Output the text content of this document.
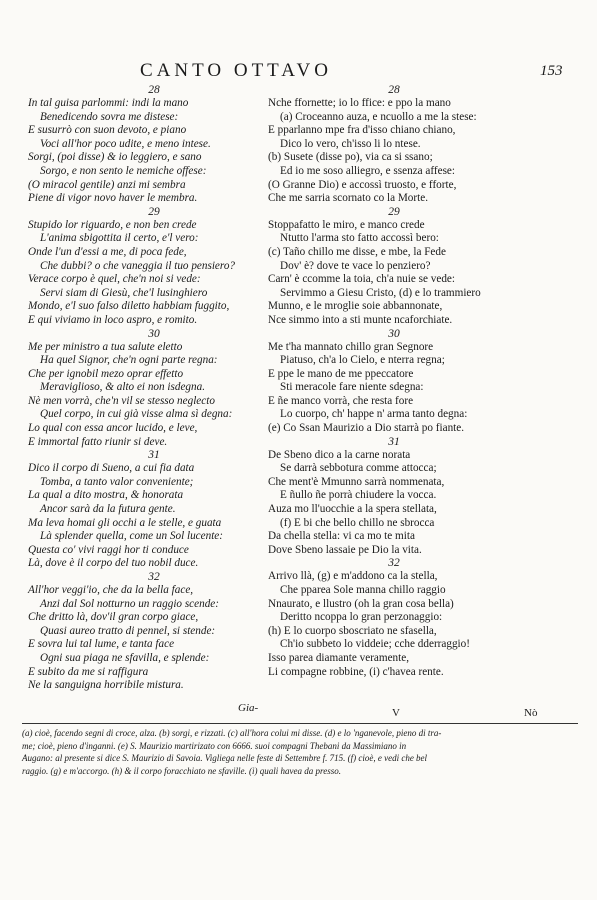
CANTO OTTAVO	153
28
In tal guisa parlommi: indi la mano
Benedicendo sovra me distese:
E susurrò con suon devoto, e piano
Voci all'hor poco udite, e meno intese.
Sorgi, (poi disse) & io leggiero, e sano
Sorgo, e non sento le nemiche offese:
(O miracol gentile) anzi mi sembra
Piene di vigor novo haver le membra.
29
Stupido lor riguardo, e non ben crede
L'anima sbigottita il certo, e'l vero:
Onde l'un d'essi a me, di poca fede,
Che dubbi? o che vaneggia il tuo pensiero?
Verace corpo è quel, che'n noi si vede:
Servi siam di Giesù, che'l lusinghiero
Mondo, e'l suo falso diletto habbiam fuggito,
E qui viviamo in loco aspro, e romito.
30
Me per ministro a tua salute eletto
Ha quel Signor, che'n ogni parte regna:
Che per ignobil mezo oprar effetto
Meraviglioso, & alto ei non isdegna.
Nè men vorrà, che'n vil se stesso neglecto
Quel corpo, in cui già visse alma sì degna:
Lo qual con essa ancor lucido, e leve,
E immortal fatto riunir si deve.
31
Dico il corpo di Sueno, a cui fia data
Tomba, a tanto valor conveniente;
La qual a dito mostra, & honorata
Ancor sarà da la futura gente.
Ma leva homai gli occhi a le stelle, e guata
Là splender quella, come un Sol lucente:
Questa co' vivi raggi hor ti conduce
Là, dove è il corpo del tuo nobil duce.
32
All'hor veggi'io, che da la bella face,
Anzi dal Sol notturno un raggio scende:
Che dritto là, dov'il gran corpo giace,
Quasi aureo tratto di pennel, si stende:
E sovra lui tal lume, e tanta face
Ogni sua piaga ne sfavilla, e splende:
E subito da me si raffigura
Ne la sanguigna horribile mistura.
28
Nche ffornette; io lo ffice: e ppo la mano
(a) Croceanno auza, e ncuollo a me la stese:
E pparlanno mpe fra d'isso chiano chiano,
Dico lo vero, ch'isso li lo ntese.
(b) Susete (disse po), via ca si ssano;
Ed io me soso alliegro, e ssenza affese:
(O Granne Dio) e accossì truosto, e fforte,
Che me sarria scornato co la Morte.
29
Stoppafatto le miro, e manco crede
Ntutto l'arma sto fatto accossì bero:
(c) Taño chillo me disse, e mbe, la Fede
Dov' è? dove te vace lo penziero?
Carn' è ccomme la toia, ch'a nuie se vede:
Servimmo a Giesu Cristo, (d) e lo trammiero
Munno, e le mroglie soie abbannonate,
Nce simmo into a sti munte ncaforchiate.
30
Me t'ha mannato chillo gran Segnore
Piatuso, ch'a lo Cielo, e nterra regna;
E ppe le mano de me ppeccatore
Sti meracole fare niente sdegna:
E ñe manco vorrà, che resta fore
Lo cuorpo, ch' happe n' arma tanto degna:
(e) Co Ssan Maurizio a Dio starrà po fiante.
31
De Sbeno dico a la carne norata
Se darrà sebbotura comme attocca;
Che ment'è Mmunno sarrà nommenata,
E ñullo ñe porrà chiudere la vocca.
Auza mo ll'uocchie a la spera stellata,
(f) E bi che bello chillo ne sbrocca
Da chella stella: vi ca mo te mita
Dove Sbeno lassaie pe Dio la vita.
32
Arrivo llà, (g) e m'addono ca la stella,
Che pparea Sole manna chillo raggio
Nnaurato, e llustro (oh la gran cosa bella)
Deritto ncoppa lo gran perzonaggio:
(h) E lo cuorpo sboscriato ne sfasella,
Ch'io subbeto lo viddeie; cche dderraggio!
Isso parea diamante veramente,
Li compagne robbine, (i) c'havea rente.
Gia-	V	Nò
(a) cioè, facendo segni di croce, alza. (b) sorgi, e rizzati. (c) all'hora colui mi disse. (d) e lo 'nganevole, pieno di tra-
me; cioè, pieno d'inganni. (e) S. Maurizio martirizato con 6666. suoi compagni Thebani da Massimiano in
Augano: al presente si dice S. Maurizio di Savoia. Vigliega nelle feste di Settembre f. 715. (f) cioè, e vedi che bel
raggio. (g) e m'accorgo. (h) & il corpo foracchiato ne sfaville. (i) quali havea da presso.
